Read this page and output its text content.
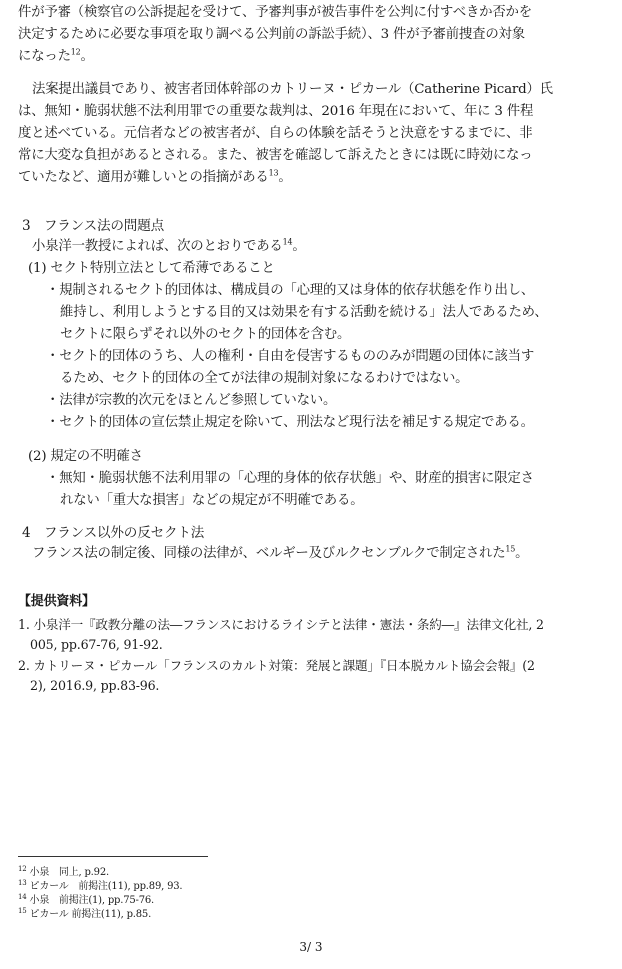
件が予審（検察官の公訴提起を受けて、予審判事が被告事件を公判に付すべきか否かを
決定するために必要な事項を取り調べる公判前の訴訟手続）、3 件が予審前捜査の対象
になった$^{12}$。
法案提出議員であり、被害者団体幹部のカトリーヌ・ピカール（Catherine Picard）氏
は、無知・脆弱状態不法利用罪での重要な裁判は、2016 年現在において、年に 3 件程
度と述べている。元信者などの被害者が、自らの体験を話そうと決意をするまでに、非
常に大変な負担があるとされる。また、被害を確認して訴えたときには既に時効になっ
ていたなど、適用が難しいとの指摘がある$^{13}$。
3　フランス法の問題点
小泉洋一教授によれば、次のとおりである$^{14}$。
(1) セクト特別立法として希薄であること
・規制されるセクト的団体は、構成員の「心理的又は身体的依存状態を作り出し、
維持し、利用しようとする目的又は効果を有する活動を続ける」法人であるため、
セクトに限らずそれ以外のセクト的団体を含む。
・セクト的団体のうち、人の権利・自由を侵害するもののみが問題の団体に該当す
るため、セクト的団体の全てが法律の規制対象になるわけではない。
・法律が宗教的次元をほとんど参照していない。
・セクト的団体の宣伝禁止規定を除いて、刑法など現行法を補足する規定である。
(2) 規定の不明確さ
・無知・脆弱状態不法利用罪の「心理的身体的依存状態」や、財産的損害に限定さ
れない「重大な損害」などの規定が不明確である。
4　フランス以外の反セクト法
フランス法の制定後、同様の法律が、ベルギー及びルクセンブルクで制定された$^{15}$。
【提供資料】
1. 小泉洋一『政教分離の法―フランスにおけるライシテと法律・憲法・条約―』法律文化社, 2
005, pp.67-76, 91-92.
2. カトリーヌ・ピカール「フランスのカルト対策：発展と課題」『日本脱カルト協会会報』(2
2), 2016.9, pp.83-96.
$^{12}$ 小泉　同上, p.92.
$^{13}$ ピカール　前掲注(11), pp.89, 93.
$^{14}$ 小泉　前掲注(1), pp.75-76.
$^{15}$ ピカール 前掲注(11), p.85.
3/ 3
